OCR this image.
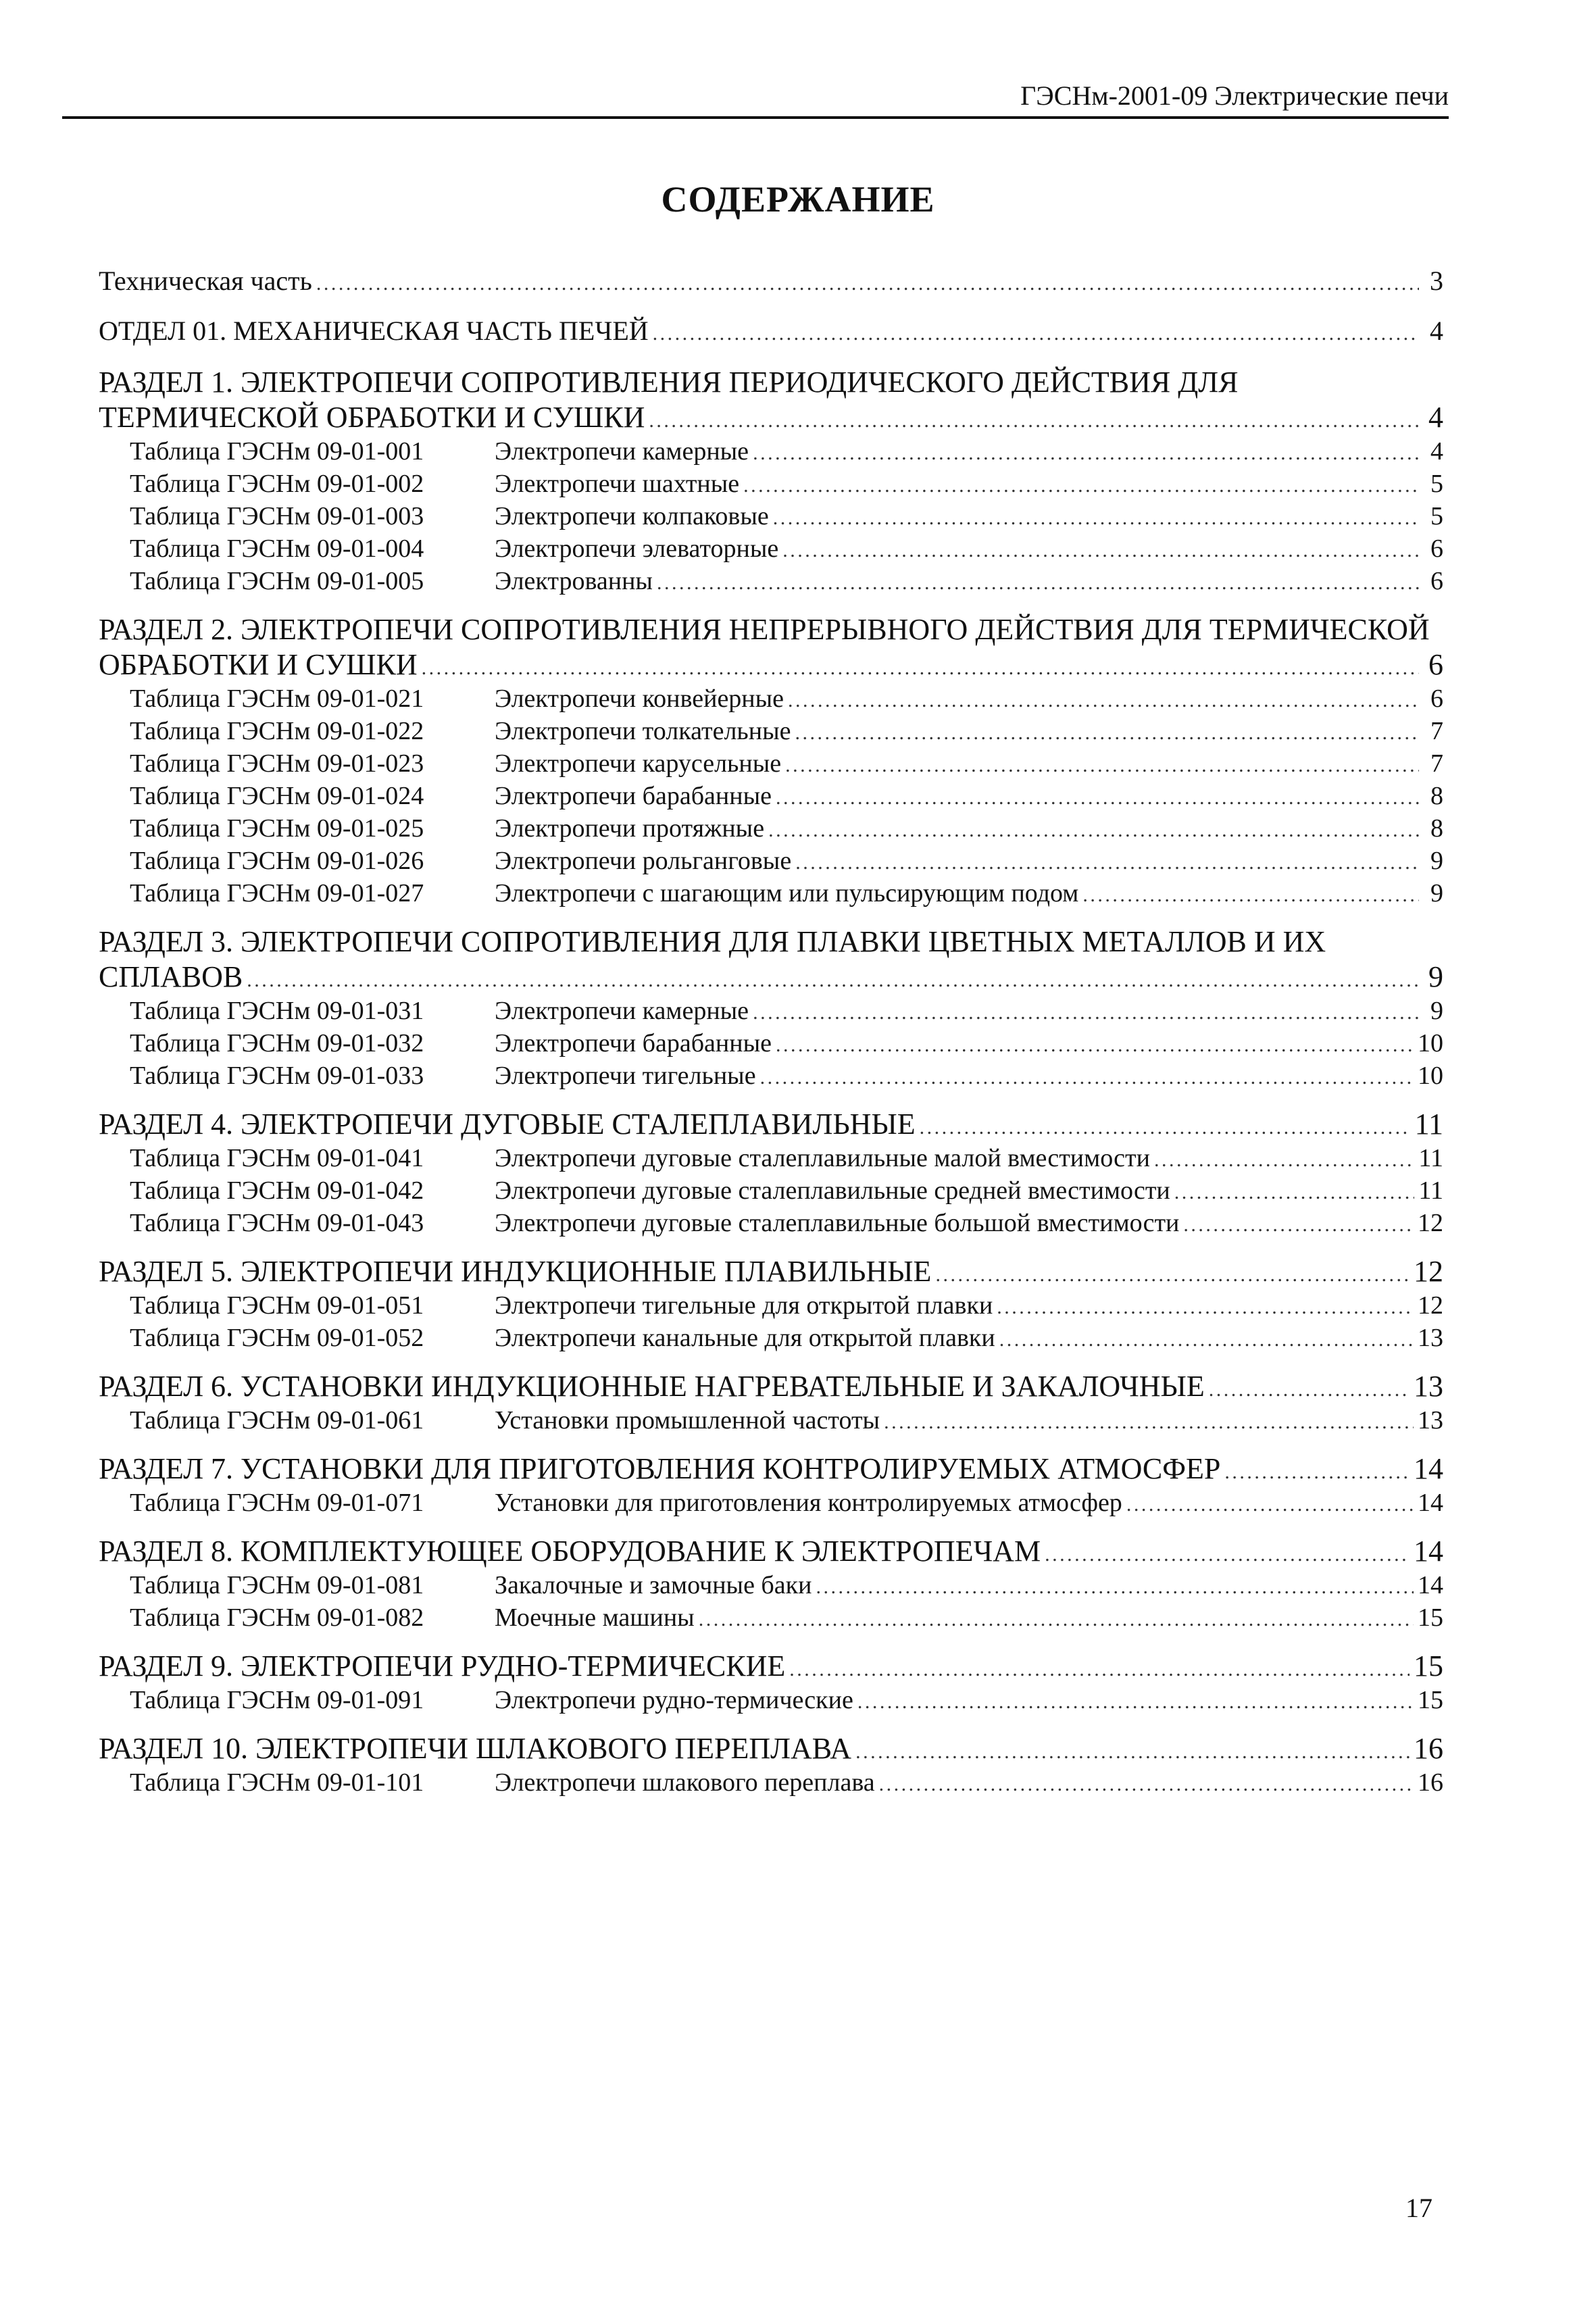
ГЭСНм-2001-09 Электрические печи
СОДЕРЖАНИЕ
Техническая часть . . .	3
ОТДЕЛ 01. МЕХАНИЧЕСКАЯ ЧАСТЬ ПЕЧЕЙ . . .	4
РАЗДЕЛ 1. ЭЛЕКТРОПЕЧИ СОПРОТИВЛЕНИЯ ПЕРИОДИЧЕСКОГО ДЕЙСТВИЯ ДЛЯ
ТЕРМИЧЕСКОЙ ОБРАБОТКИ И СУШКИ . . .	4
Таблица ГЭСНм 09-01-001	Электропечи камерные . . .	4
Таблица ГЭСНм 09-01-002	Электропечи шахтные . . .	5
Таблица ГЭСНм 09-01-003	Электропечи колпаковые . . .	5
Таблица ГЭСНм 09-01-004	Электропечи элеваторные . . .	6
Таблица ГЭСНм 09-01-005	Электрованны . . .	6
РАЗДЕЛ 2. ЭЛЕКТРОПЕЧИ СОПРОТИВЛЕНИЯ НЕПРЕРЫВНОГО ДЕЙСТВИЯ ДЛЯ ТЕРМИЧЕСКОЙ
ОБРАБОТКИ И СУШКИ . . .	6
Таблица ГЭСНм 09-01-021	Электропечи конвейерные . . .	6
Таблица ГЭСНм 09-01-022	Электропечи толкательные . . .	7
Таблица ГЭСНм 09-01-023	Электропечи карусельные . . .	7
Таблица ГЭСНм 09-01-024	Электропечи барабанные . . .	8
Таблица ГЭСНм 09-01-025	Электропечи протяжные . . .	8
Таблица ГЭСНм 09-01-026	Электропечи рольганговые . . .	9
Таблица ГЭСНм 09-01-027	Электропечи с шагающим или пульсирующим подом . . .	9
РАЗДЕЛ 3. ЭЛЕКТРОПЕЧИ СОПРОТИВЛЕНИЯ ДЛЯ ПЛАВКИ ЦВЕТНЫХ МЕТАЛЛОВ И ИХ
СПЛАВОВ . . .	9
Таблица ГЭСНм 09-01-031	Электропечи камерные . . .	9
Таблица ГЭСНм 09-01-032	Электропечи барабанные . . .	10
Таблица ГЭСНм 09-01-033	Электропечи тигельные . . .	10
РАЗДЕЛ 4. ЭЛЕКТРОПЕЧИ ДУГОВЫЕ СТАЛЕПЛАВИЛЬНЫЕ . . .	11
Таблица ГЭСНм 09-01-041	Электропечи дуговые сталеплавильные малой вместимости . . .	11
Таблица ГЭСНм 09-01-042	Электропечи дуговые сталеплавильные средней вместимости . . .	11
Таблица ГЭСНм 09-01-043	Электропечи дуговые сталеплавильные большой вместимости . . .	12
РАЗДЕЛ 5. ЭЛЕКТРОПЕЧИ ИНДУКЦИОННЫЕ ПЛАВИЛЬНЫЕ . . .	12
Таблица ГЭСНм 09-01-051	Электропечи тигельные для открытой плавки . . .	12
Таблица ГЭСНм 09-01-052	Электропечи канальные для открытой плавки . . .	13
РАЗДЕЛ 6. УСТАНОВКИ ИНДУКЦИОННЫЕ НАГРЕВАТЕЛЬНЫЕ И ЗАКАЛОЧНЫЕ . . .	13
Таблица ГЭСНм 09-01-061	Установки промышленной частоты . . .	13
РАЗДЕЛ 7. УСТАНОВКИ ДЛЯ ПРИГОТОВЛЕНИЯ КОНТРОЛИРУЕМЫХ АТМОСФЕР . . .	14
Таблица ГЭСНм 09-01-071	Установки для приготовления контролируемых атмосфер . . .	14
РАЗДЕЛ 8. КОМПЛЕКТУЮЩЕЕ ОБОРУДОВАНИЕ К ЭЛЕКТРОПЕЧАМ . . .	14
Таблица ГЭСНм 09-01-081	Закалочные и замочные баки . . .	14
Таблица ГЭСНм 09-01-082	Моечные машины . . .	15
РАЗДЕЛ 9. ЭЛЕКТРОПЕЧИ РУДНО-ТЕРМИЧЕСКИЕ . . .	15
Таблица ГЭСНм 09-01-091	Электропечи рудно-термические . . .	15
РАЗДЕЛ 10. ЭЛЕКТРОПЕЧИ ШЛАКОВОГО ПЕРЕПЛАВА . . .	16
Таблица ГЭСНм 09-01-101	Электропечи шлакового переплава . . .	16
17
